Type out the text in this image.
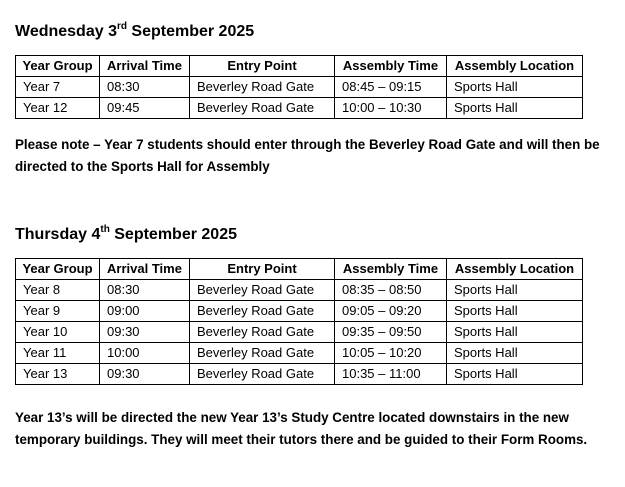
Wednesday 3rd September 2025
Year Group	Arrival Time	Entry Point	Assembly Time	Assembly Location
Year 7	08:30	Beverley Road Gate	08:45 – 09:15	Sports Hall
Year 12	09:45	Beverley Road Gate	10:00 – 10:30	Sports Hall

Please note – Year 7 students should enter through the Beverley Road Gate and will then be directed to the Sports Hall for Assembly

Thursday 4th September 2025
Year Group	Arrival Time	Entry Point	Assembly Time	Assembly Location
Year 8	08:30	Beverley Road Gate	08:35 – 08:50	Sports Hall
Year 9	09:00	Beverley Road Gate	09:05 – 09:20	Sports Hall
Year 10	09:30	Beverley Road Gate	09:35 – 09:50	Sports Hall
Year 11	10:00	Beverley Road Gate	10:05 – 10:20	Sports Hall
Year 13	09:30	Beverley Road Gate	10:35 – 11:00	Sports Hall

Year 13’s will be directed the new Year 13’s Study Centre located downstairs in the new temporary buildings. They will meet their tutors there and be guided to their Form Rooms.
